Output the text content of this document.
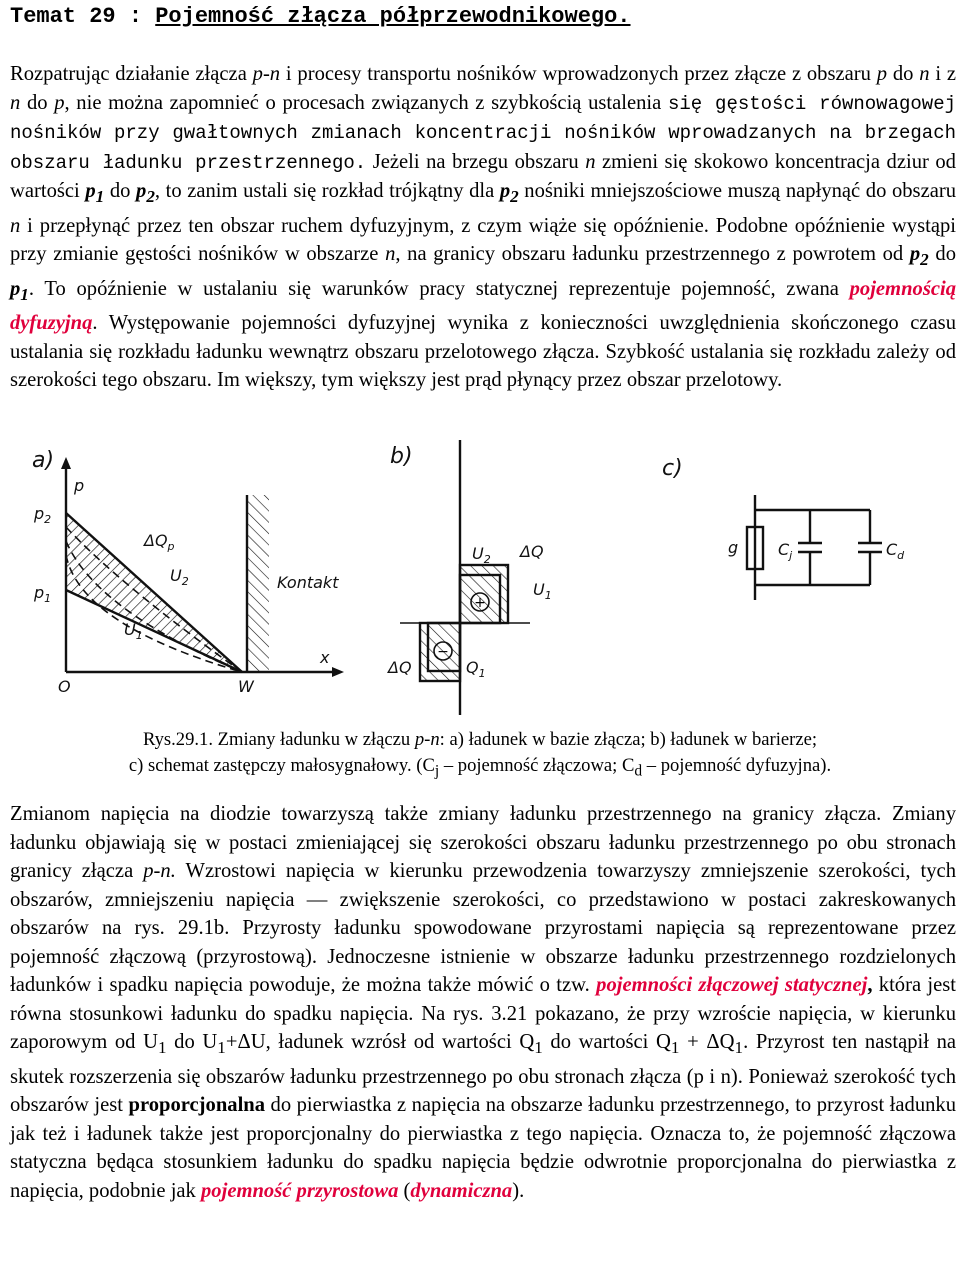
Temat 29 : Pojemność złącza półprzewodnikowego.

Rozpatrując działanie złącza p-n i procesy transportu nośników wprowadzonych przez złącze z obszaru p do n i z n do p, nie można zapomnieć o procesach związanych z szybkością ustalenia się gęstości równowagowej nośników przy gwałtownych zmianach koncentracji nośników wprowadzanych na brzegach obszaru ładunku przestrzennego. Jeżeli na brzegu obszaru n zmieni się skokowo koncentracja dziur od wartości $p_1$ do $p_2$, to zanim ustali się rozkład trójkątny dla $p_2$ nośniki mniejszościowe muszą napłynąć do obszaru n i przepłynąć przez ten obszar ruchem dyfuzyjnym, z czym wiąże się opóźnienie. Podobne opóźnienie wystąpi przy zmianie gęstości nośników w obszarze n, na granicy obszaru ładunku przestrzennego z powrotem od $p_2$ do $p_1$. To opóźnienie w ustalaniu się warunków pracy statycznej reprezentuje pojemność, zwana pojemnością dyfuzyjną. Występowanie pojemności dyfuzyjnej wynika z konieczności uwzględnienia skończonego czasu ustalania się rozkładu ładunku wewnątrz obszaru przelotowego złącza. Szybkość ustalania się rozkładu zależy od szerokości tego obszaru. Im większy, tym większy jest prąd płynący przez obszar przelotowy.

a)
p
$p_2$
$p_1$
$\Delta Q_p$
$U_2$
$U_1$
Kontakt
x
O	W
b)
+
−
$U_2$ ΔQ
$U_1$
ΔQ	$Q_1$
c)
g $C_j$	$C_d$
Rys.29.1. Zmiany ładunku w złączu p-n: a) ładunek w bazie złącza; b) ładunek w barierze;
c) schemat zastępczy małosygnałowy. ($C_j$ – pojemność złączowa; $C_d$ – pojemność dyfuzyjna).

Zmianom napięcia na diodzie towarzyszą także zmiany ładunku przestrzennego na granicy złącza. Zmiany ładunku objawiają się w postaci zmieniającej się szerokości obszaru ładunku przestrzennego po obu stronach granicy złącza p-n. Wzrostowi napięcia w kierunku przewodzenia towarzyszy zmniejszenie szerokości, tych obszarów, zmniejszeniu napięcia — zwiększenie szerokości, co przedstawiono w postaci zakreskowanych obszarów na rys. 29.1b. Przyrosty ładunku spowodowane przyrostami napięcia są reprezentowane przez pojemność złączową (przyrostową). Jednoczesne istnienie w obszarze ładunku przestrzennego rozdzielonych ładunków i spadku napięcia powoduje, że można także mówić o tzw. pojemności złączowej statycznej, która jest równa stosunkowi ładunku do spadku napięcia. Na rys. 3.21 pokazano, że przy wzroście napięcia, w kierunku zaporowym od $U_1$ do $U_1+\Delta U$, ładunek wzrósł od wartości $Q_1$ do wartości $Q_1 + \Delta Q_1$. Przyrost ten nastąpił na skutek rozszerzenia się obszarów ładunku przestrzennego po obu stronach złącza (p i n). Ponieważ szerokość tych obszarów jest proporcjonalna do pierwiastka z napięcia na obszarze ładunku przestrzennego, to przyrost ładunku jak też i ładunek także jest proporcjonalny do pierwiastka z tego napięcia. Oznacza to, że pojemność złączowa statyczna będąca stosunkiem ładunku do spadku napięcia będzie odwrotnie proporcjonalna do pierwiastka z napięcia, podobnie jak pojemność przyrostowa (dynamiczna).
